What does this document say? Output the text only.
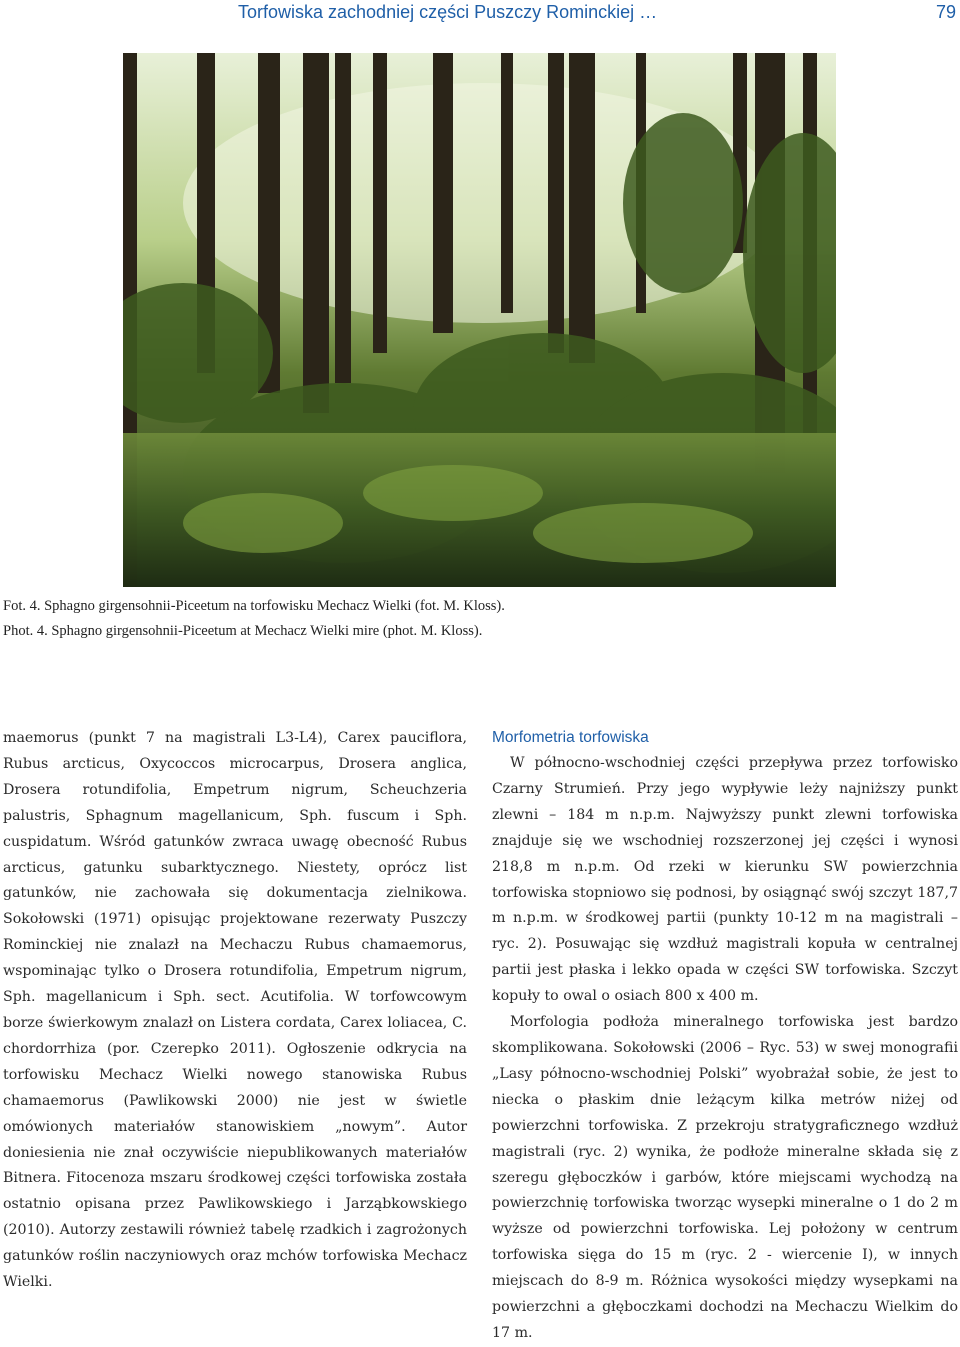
Torfowiska zachodniej części Puszczy Rominckiej …	79
Fot. 4. Sphagno girgensohnii-Piceetum na torfowisku Mechacz Wielki (fot. M. Kloss).
Phot. 4. Sphagno girgensohnii-Piceetum at Mechacz Wielki mire (phot. M. Kloss).

maemorus (punkt 7 na magistrali L3-L4), Carex pauciflora, Rubus arcticus, Oxycoccos microcarpus, Drosera anglica, Drosera rotundifolia, Empetrum nigrum, Scheuchzeria palustris, Sphagnum magellanicum, Sph. fuscum i Sph. cuspidatum. Wśród gatunków zwraca uwagę obecność Rubus arcticus, gatunku subarktycznego. Niestety, oprócz list gatunków, nie zachowała się dokumentacja zielnikowa. Sokołowski (1971) opisując projektowane rezerwaty Puszczy Rominckiej nie znalazł na Mechaczu Rubus chamaemorus, wspominając tylko o Drosera rotundifolia, Empetrum nigrum, Sph. magellanicum i Sph. sect. Acutifolia. W torfowcowym borze świerkowym znalazł on Listera cordata, Carex loliacea, C. chordorrhiza (por. Czerepko 2011). Ogłoszenie odkrycia na torfowisku Mechacz Wielki nowego stanowiska Rubus chamaemorus (Pawlikowski 2000) nie jest w świetle omówionych materiałów stanowiskiem „nowym”. Autor doniesienia nie znał oczywiście niepublikowanych materiałów Bitnera. Fitocenoza mszaru środkowej części torfowiska została ostatnio opisana przez Pawlikowskiego i Jarząbkowskiego (2010). Autorzy zestawili również tabelę rzadkich i zagrożonych gatunków roślin naczyniowych oraz mchów torfowiska Mechacz Wielki.

Morfometria torfowiska

W północno-wschodniej części przepływa przez torfowisko Czarny Strumień. Przy jego wypływie leży najniższy punkt zlewni – 184 m n.p.m. Najwyższy punkt zlewni torfowiska znajduje się we wschodniej rozszerzonej jej części i wynosi 218,8 m n.p.m. Od rzeki w kierunku SW powierzchnia torfowiska stopniowo się podnosi, by osiągnąć swój szczyt 187,7 m n.p.m. w środkowej partii (punkty 10-12 m na magistrali – ryc. 2). Posuwając się wzdłuż magistrali kopuła w centralnej partii jest płaska i lekko opada w części SW torfowiska. Szczyt kopuły to owal o osiach 800 x 400 m.

Morfologia podłoża mineralnego torfowiska jest bardzo skomplikowana. Sokołowski (2006 – Ryc. 53) w swej monografii „Lasy północno-wschodniej Polski” wyobrażał sobie, że jest to niecka o płaskim dnie leżącym kilka metrów niżej od powierzchni torfowiska. Z przekroju stratygraficznego wzdłuż magistrali (ryc. 2) wynika, że podłoże mineralne składa się z szeregu głęboczków i garbów, które miejscami wychodzą na powierzchnię torfowiska tworząc wysepki mineralne o 1 do 2 m wyższe od powierzchni torfowiska. Lej położony w centrum torfowiska sięga do 15 m (ryc. 2 - wiercenie I), w innych miejscach do 8-9 m. Różnica wysokości między wysepkami na powierzchni a głęboczkami dochodzi na Mechaczu Wielkim do 17 m.
